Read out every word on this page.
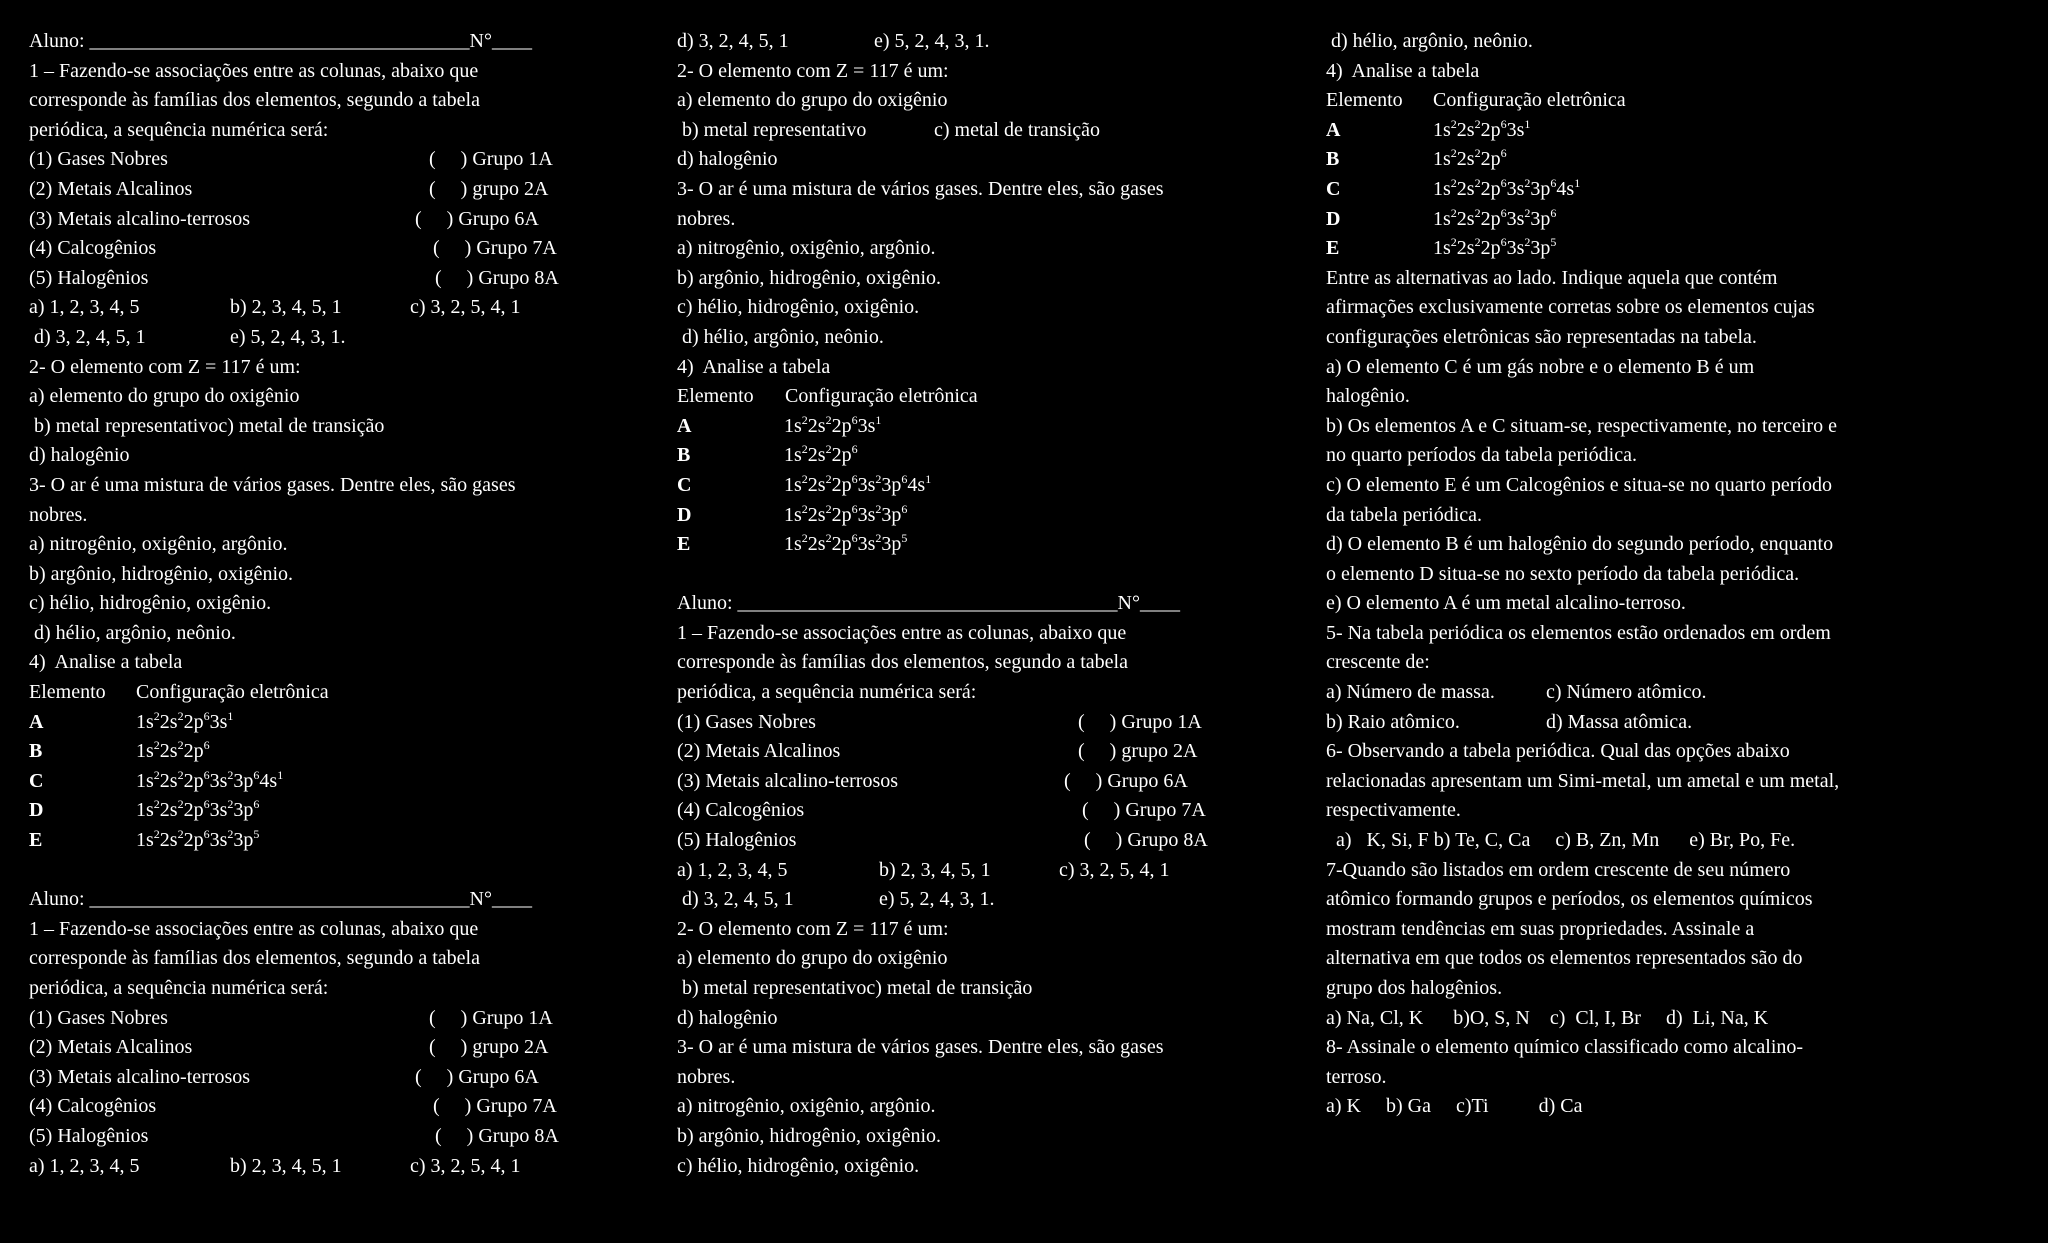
Aluno: ______________________________________N°____
1 – Fazendo-se associações entre as colunas, abaixo que
corresponde às famílias dos elementos, segundo a tabela
periódica, a sequência numérica será:
(1) Gases Nobres	(     ) Grupo 1A
(2) Metais Alcalinos	(     ) grupo 2A
(3) Metais alcalino-terrosos	(     ) Grupo 6A
(4) Calcogênios	(     ) Grupo 7A
(5) Halogênios	(     ) Grupo 8A
a) 1, 2, 3, 4, 5	b) 2, 3, 4, 5, 1	c) 3, 2, 5, 4, 1
d) 3, 2, 4, 5, 1	e) 5, 2, 4, 3, 1.
2- O elemento com Z = 117 é um:
a) elemento do grupo do oxigênio
b) metal representativoc) metal de transição
d) halogênio
3- O ar é uma mistura de vários gases. Dentre eles, são gases
nobres.
a) nitrogênio, oxigênio, argônio.
b) argônio, hidrogênio, oxigênio.
c) hélio, hidrogênio, oxigênio.
d) hélio, argônio, neônio.
4)  Analise a tabela
Elemento Configuração eletrônica
A	$1s^22s^22p^63s^1$
B	$1s^22s^22p^6$
C	$1s^22s^22p^63s^23p^64s^1$
D	$1s^22s^22p^63s^23p^6$
E	$1s^22s^22p^63s^23p^5$
Aluno: ______________________________________N°____
1 – Fazendo-se associações entre as colunas, abaixo que
corresponde às famílias dos elementos, segundo a tabela
periódica, a sequência numérica será:
(1) Gases Nobres	(     ) Grupo 1A
(2) Metais Alcalinos	(     ) grupo 2A
(3) Metais alcalino-terrosos	(     ) Grupo 6A
(4) Calcogênios	(     ) Grupo 7A
(5) Halogênios	(     ) Grupo 8A
a) 1, 2, 3, 4, 5	b) 2, 3, 4, 5, 1	c) 3, 2, 5, 4, 1
d) 3, 2, 4, 5, 1	e) 5, 2, 4, 3, 1.
2- O elemento com Z = 117 é um:
a) elemento do grupo do oxigênio
b) metal representativo	c) metal de transição
d) halogênio
3- O ar é uma mistura de vários gases. Dentre eles, são gases
nobres.
a) nitrogênio, oxigênio, argônio.
b) argônio, hidrogênio, oxigênio.
c) hélio, hidrogênio, oxigênio.
d) hélio, argônio, neônio.
4)  Analise a tabela
Elemento Configuração eletrônica
A	$1s^22s^22p^63s^1$
B	$1s^22s^22p^6$
C	$1s^22s^22p^63s^23p^64s^1$
D	$1s^22s^22p^63s^23p^6$
E	$1s^22s^22p^63s^23p^5$
Aluno: ______________________________________N°____
1 – Fazendo-se associações entre as colunas, abaixo que
corresponde às famílias dos elementos, segundo a tabela
periódica, a sequência numérica será:
(1) Gases Nobres	(     ) Grupo 1A
(2) Metais Alcalinos	(     ) grupo 2A
(3) Metais alcalino-terrosos	(     ) Grupo 6A
(4) Calcogênios	(     ) Grupo 7A
(5) Halogênios	(     ) Grupo 8A
a) 1, 2, 3, 4, 5	b) 2, 3, 4, 5, 1	c) 3, 2, 5, 4, 1
d) 3, 2, 4, 5, 1	e) 5, 2, 4, 3, 1.
2- O elemento com Z = 117 é um:
a) elemento do grupo do oxigênio
b) metal representativoc) metal de transição
d) halogênio
3- O ar é uma mistura de vários gases. Dentre eles, são gases
nobres.
a) nitrogênio, oxigênio, argônio.
b) argônio, hidrogênio, oxigênio.
c) hélio, hidrogênio, oxigênio.
d) hélio, argônio, neônio.
4)  Analise a tabela
Elemento Configuração eletrônica
A	$1s^22s^22p^63s^1$
B	$1s^22s^22p^6$
C	$1s^22s^22p^63s^23p^64s^1$
D	$1s^22s^22p^63s^23p^6$
E	$1s^22s^22p^63s^23p^5$
Entre as alternativas ao lado. Indique aquela que contém
afirmações exclusivamente corretas sobre os elementos cujas
configurações eletrônicas são representadas na tabela.
a) O elemento C é um gás nobre e o elemento B é um
halogênio.
b) Os elementos A e C situam-se, respectivamente, no terceiro e
no quarto períodos da tabela periódica.
c) O elemento E é um Calcogênios e situa-se no quarto período
da tabela periódica.
d) O elemento B é um halogênio do segundo período, enquanto
o elemento D situa-se no sexto período da tabela periódica.
e) O elemento A é um metal alcalino-terroso.
5- Na tabela periódica os elementos estão ordenados em ordem
crescente de:
a) Número de massa.	c) Número atômico.
b) Raio atômico.	d) Massa atômica.
6- Observando a tabela periódica. Qual das opções abaixo
relacionadas apresentam um Simi-metal, um ametal e um metal,
respectivamente.
a)   K, Si, F b) Te, C, Ca     c) B, Zn, Mn      e) Br, Po, Fe.
7-Quando são listados em ordem crescente de seu número
atômico formando grupos e períodos, os elementos químicos
mostram tendências em suas propriedades. Assinale a
alternativa em que todos os elementos representados são do
grupo dos halogênios.
a) Na, Cl, K      b)O, S, N    c)  Cl, I, Br     d)  Li, Na, K
8- Assinale o elemento químico classificado como alcalino-
terroso.
a) K     b) Ga     c)Ti          d) Ca
